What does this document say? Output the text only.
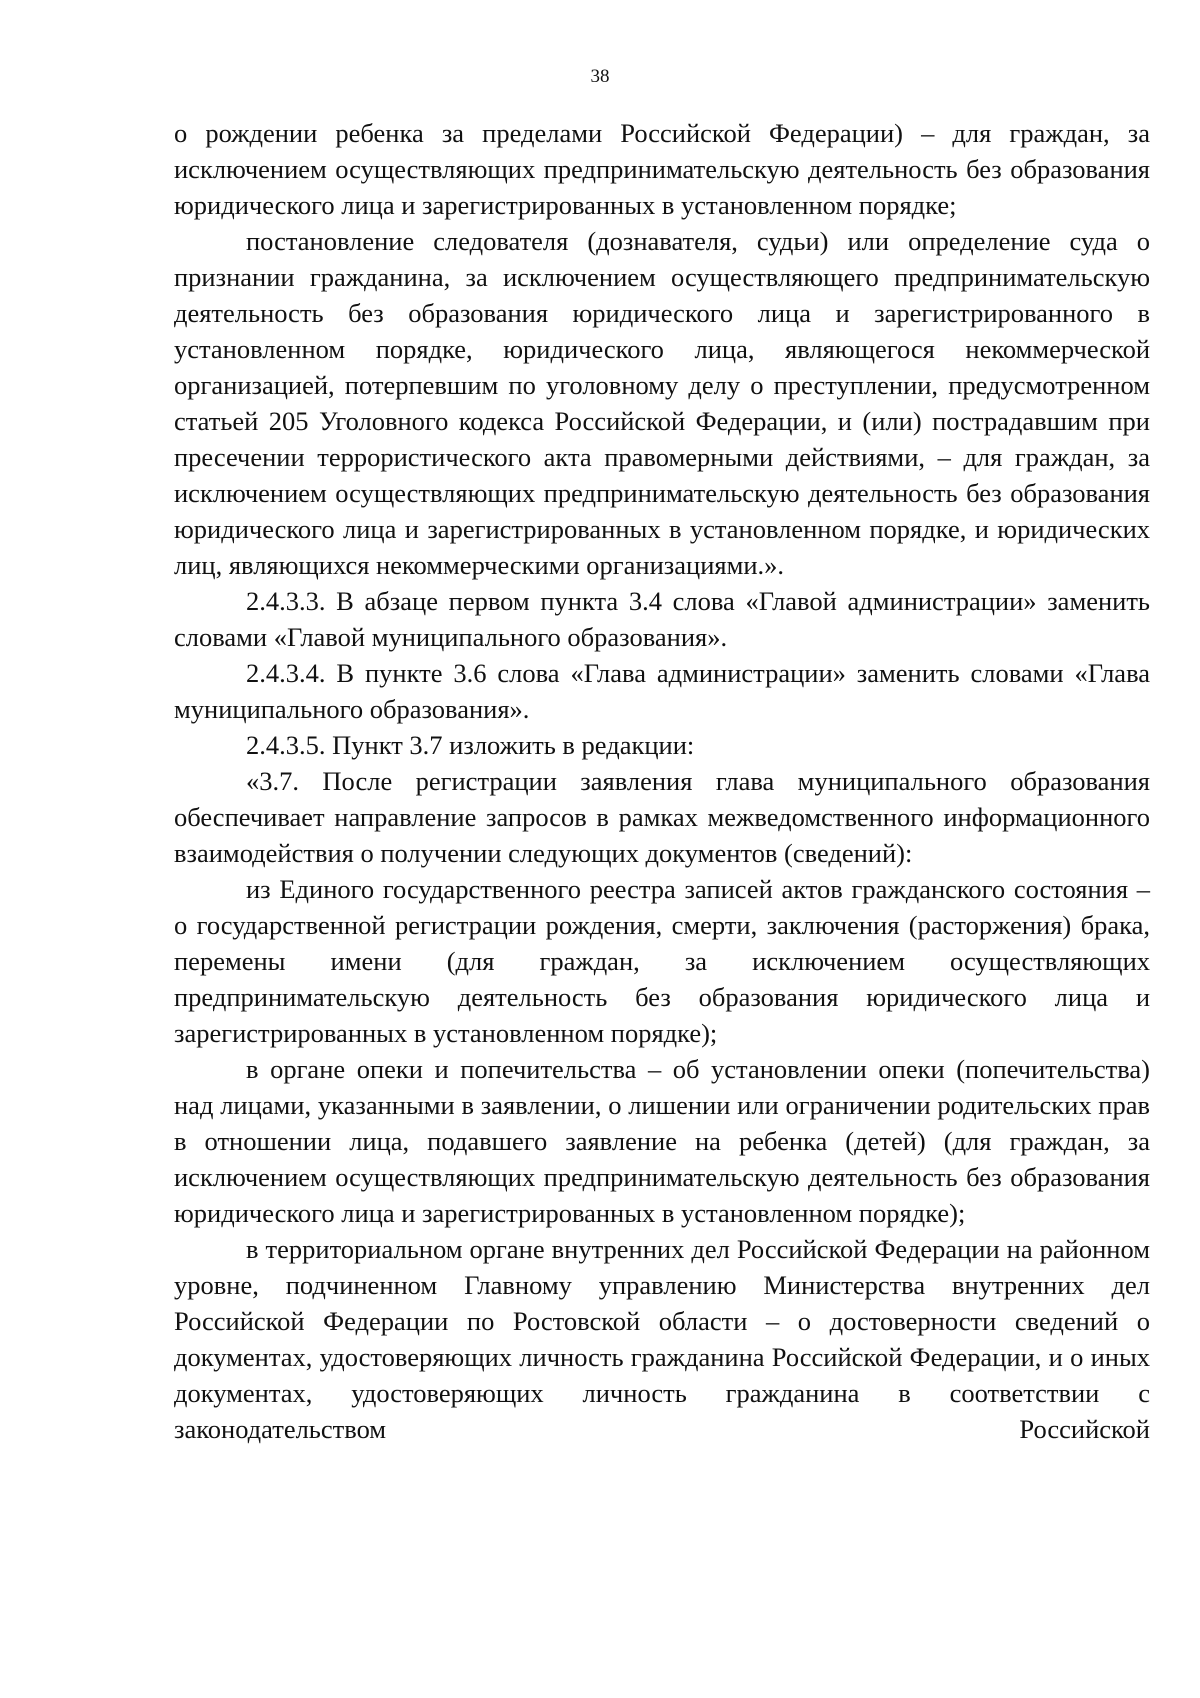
38

о рождении ребенка за пределами Российской Федерации) – для граждан, за исключением осуществляющих предпринимательскую деятельность без образования юридического лица и зарегистрированных в установленном порядке;

постановление следователя (дознавателя, судьи) или определение суда о признании гражданина, за исключением осуществляющего предпринимательскую деятельность без образования юридического лица и зарегистрированного в установленном порядке, юридического лица, являющегося некоммерческой организацией, потерпевшим по уголовному делу о преступлении, предусмотренном статьей 205 Уголовного кодекса Российской Федерации, и (или) пострадавшим при пресечении террористического акта правомерными действиями, – для граждан, за исключением осуществляющих предпринимательскую деятельность без образования юридического лица и зарегистрированных в установленном порядке, и юридических лиц, являющихся некоммерческими организациями.».

2.4.3.3. В абзаце первом пункта 3.4 слова «Главой администрации» заменить словами «Главой муниципального образования».

2.4.3.4. В пункте 3.6 слова «Глава администрации» заменить словами «Глава муниципального образования».

2.4.3.5. Пункт 3.7 изложить в редакции:

«3.7. После регистрации заявления глава муниципального образования обеспечивает направление запросов в рамках межведомственного информационного взаимодействия о получении следующих документов (сведений):

из Единого государственного реестра записей актов гражданского состояния – о государственной регистрации рождения, смерти, заключения (расторжения) брака, перемены имени (для граждан, за исключением осуществляющих предпринимательскую деятельность без образования юридического лица и зарегистрированных в установленном порядке);

в органе опеки и попечительства – об установлении опеки (попечительства) над лицами, указанными в заявлении, о лишении или ограничении родительских прав в отношении лица, подавшего заявление на ребенка (детей) (для граждан, за исключением осуществляющих предпринимательскую деятельность без образования юридического лица и зарегистрированных в установленном порядке);

в территориальном органе внутренних дел Российской Федерации на районном уровне, подчиненном Главному управлению Министерства внутренних дел Российской Федерации по Ростовской области – о достоверности сведений о документах, удостоверяющих личность гражданина Российской Федерации, и о иных документах, удостоверяющих личность гражданина в соответствии с законодательством Российской
